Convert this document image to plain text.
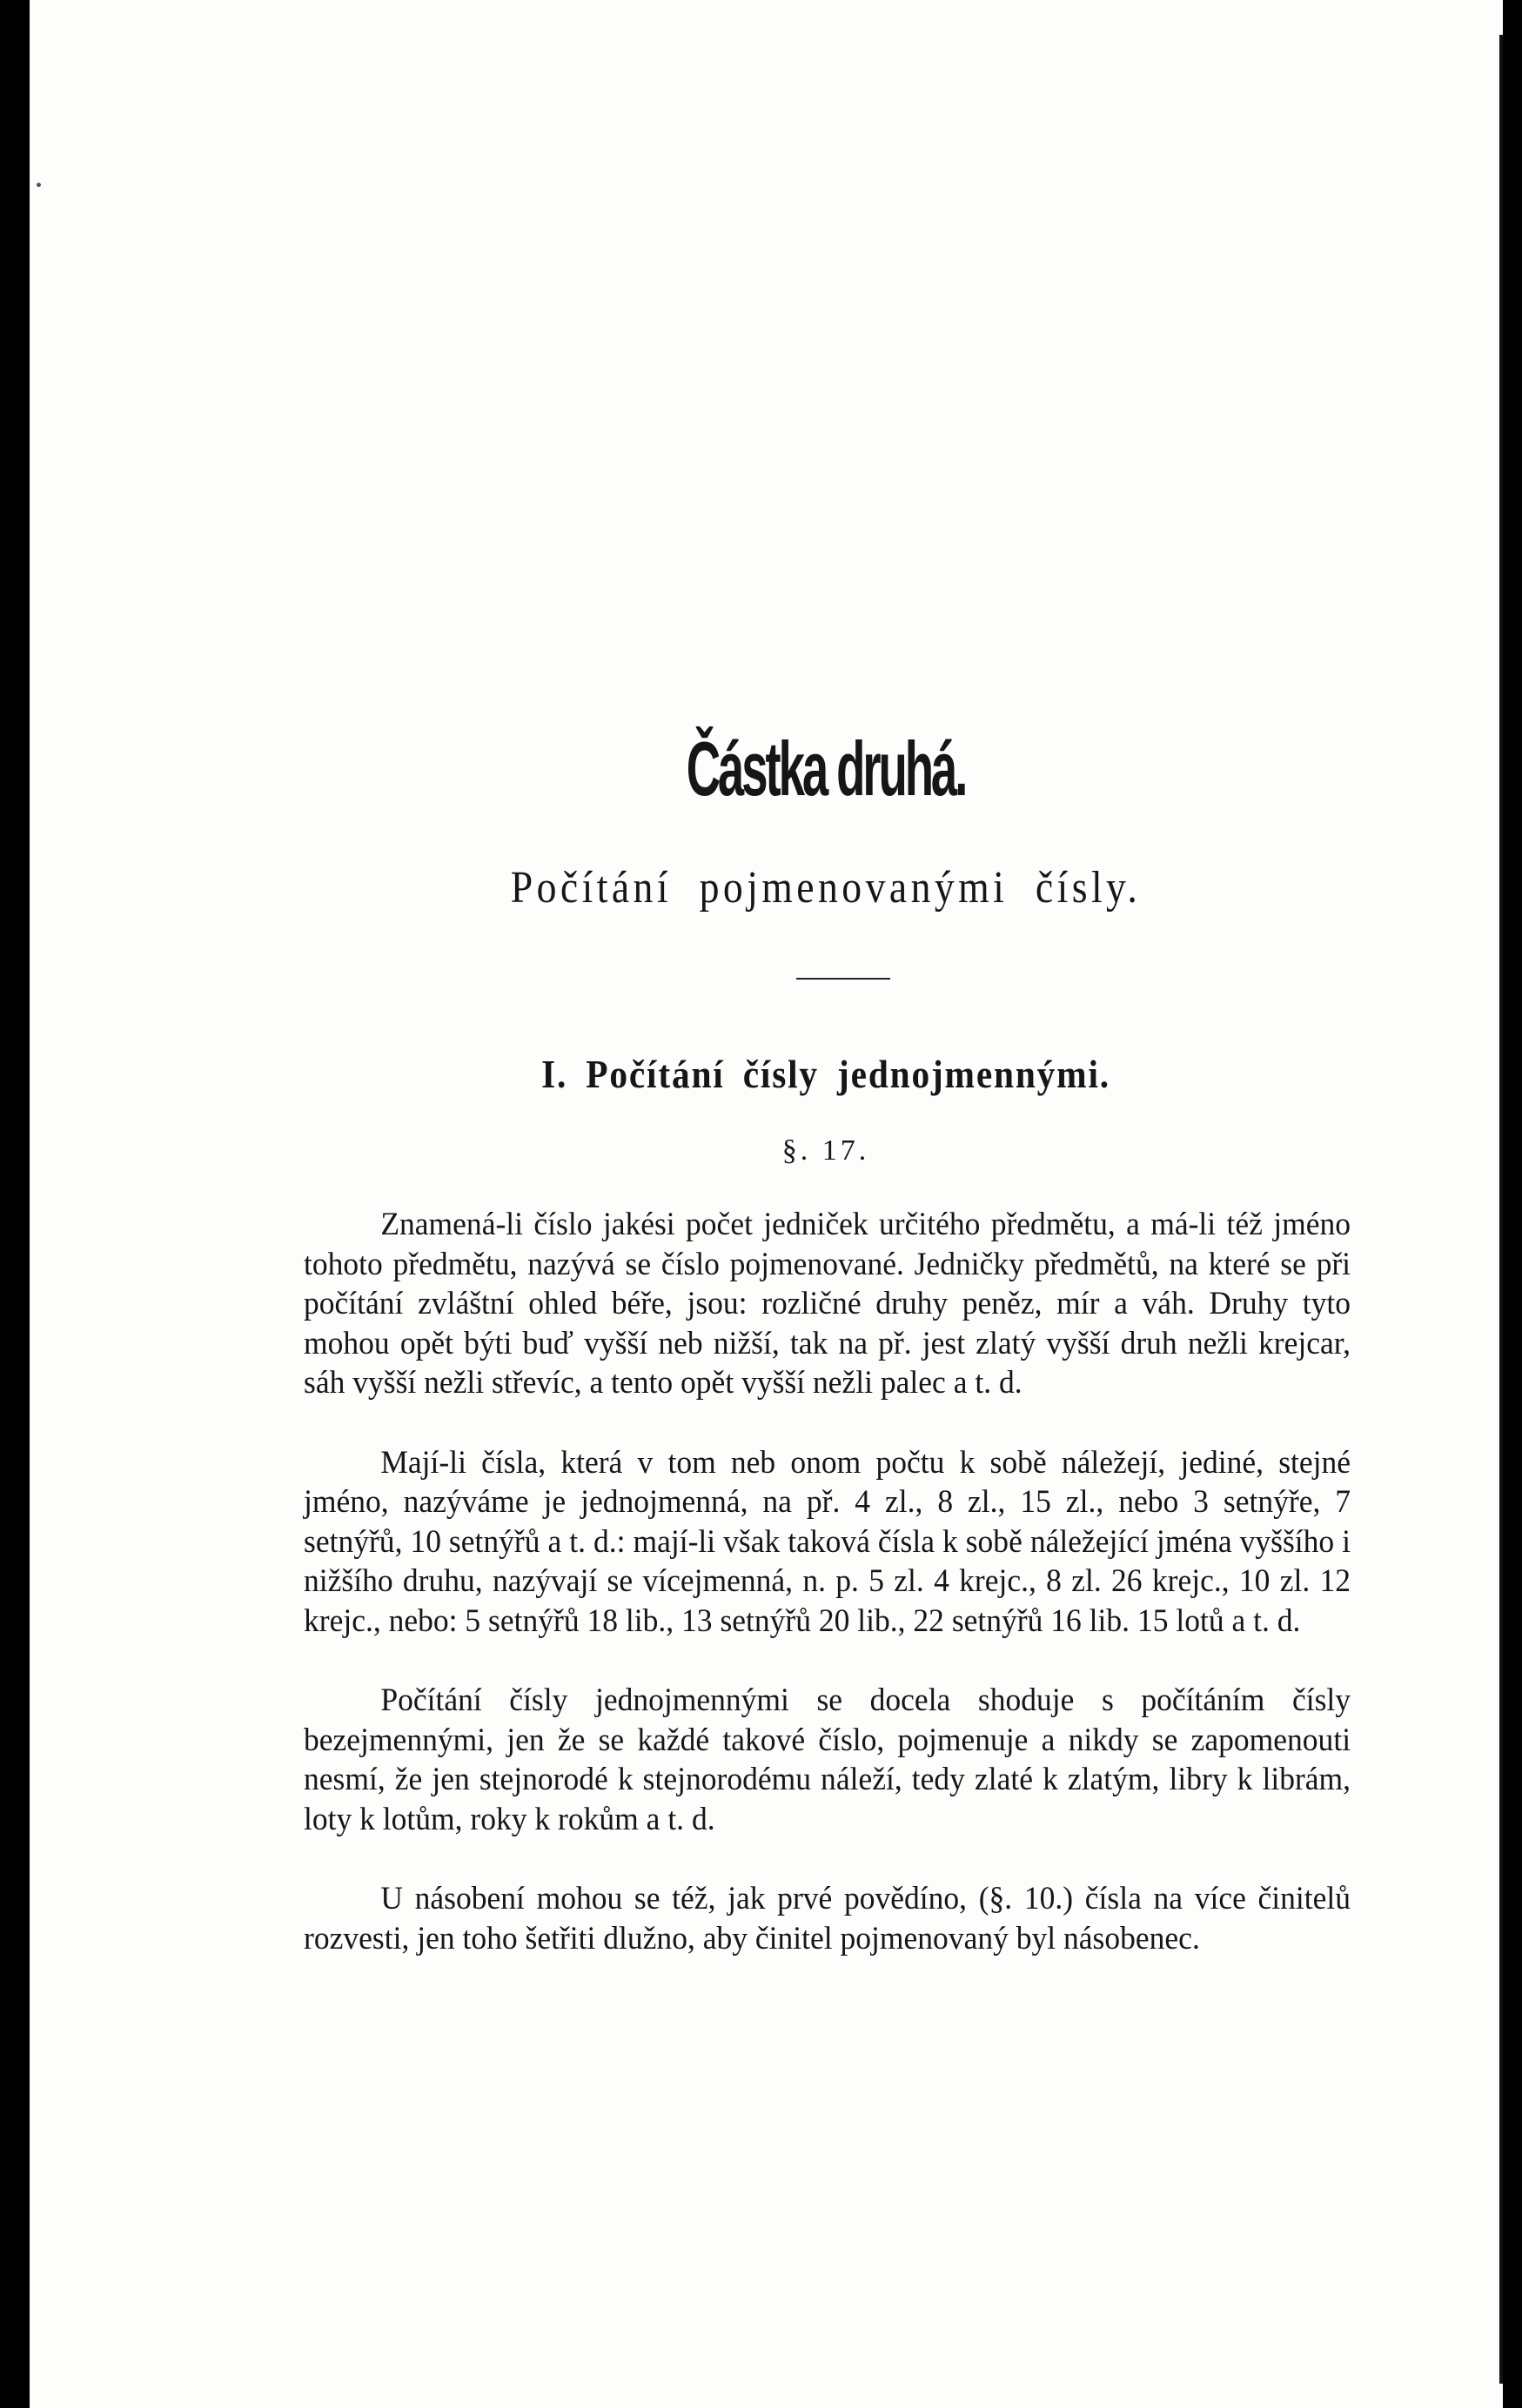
Částka druhá.
Počítání pojmenovanými čísly.
I. Počítání čísly jednojmennými.
§. 17.

Znamená-li číslo jakési počet jedniček určitého předmětu, a má-li též jméno tohoto předmětu, nazývá se číslo pojmenované. Jedničky předmětů, na které se při počítání zvláštní ohled béře, jsou: rozličné druhy peněz, mír a váh. Druhy tyto mohou opět býti buď vyšší neb nižší, tak na př. jest zlatý vyšší druh nežli krejcar, sáh vyšší nežli střevíc, a tento opět vyšší nežli palec a t. d.

Mají-li čísla, která v tom neb onom počtu k sobě náležejí, jediné, stejné jméno, nazýváme je jednojmenná, na př. 4 zl., 8 zl., 15 zl., nebo 3 setnýře, 7 setnýřů, 10 setnýřů a t. d.: mají-li však taková čísla k sobě náležející jména vyššího i nižšího druhu, nazývají se vícejmenná, n. p. 5 zl. 4 krejc., 8 zl. 26 krejc., 10 zl. 12 krejc., nebo: 5 setnýřů 18 lib., 13 setnýřů 20 lib., 22 setnýřů 16 lib. 15 lotů a t. d.

Počítání čísly jednojmennými se docela shoduje s počítáním čísly bezejmennými, jen že se každé takové číslo, pojmenuje a nikdy se zapomenouti nesmí, že jen stejnorodé k stejnorodému náleží, tedy zlaté k zlatým, libry k librám, loty k lotům, roky k rokům a t. d.

U násobení mohou se též, jak prvé povědíno, (§. 10.) čísla na více činitelů rozvesti, jen toho šetřiti dlužno, aby činitel pojmenovaný byl násobenec.
